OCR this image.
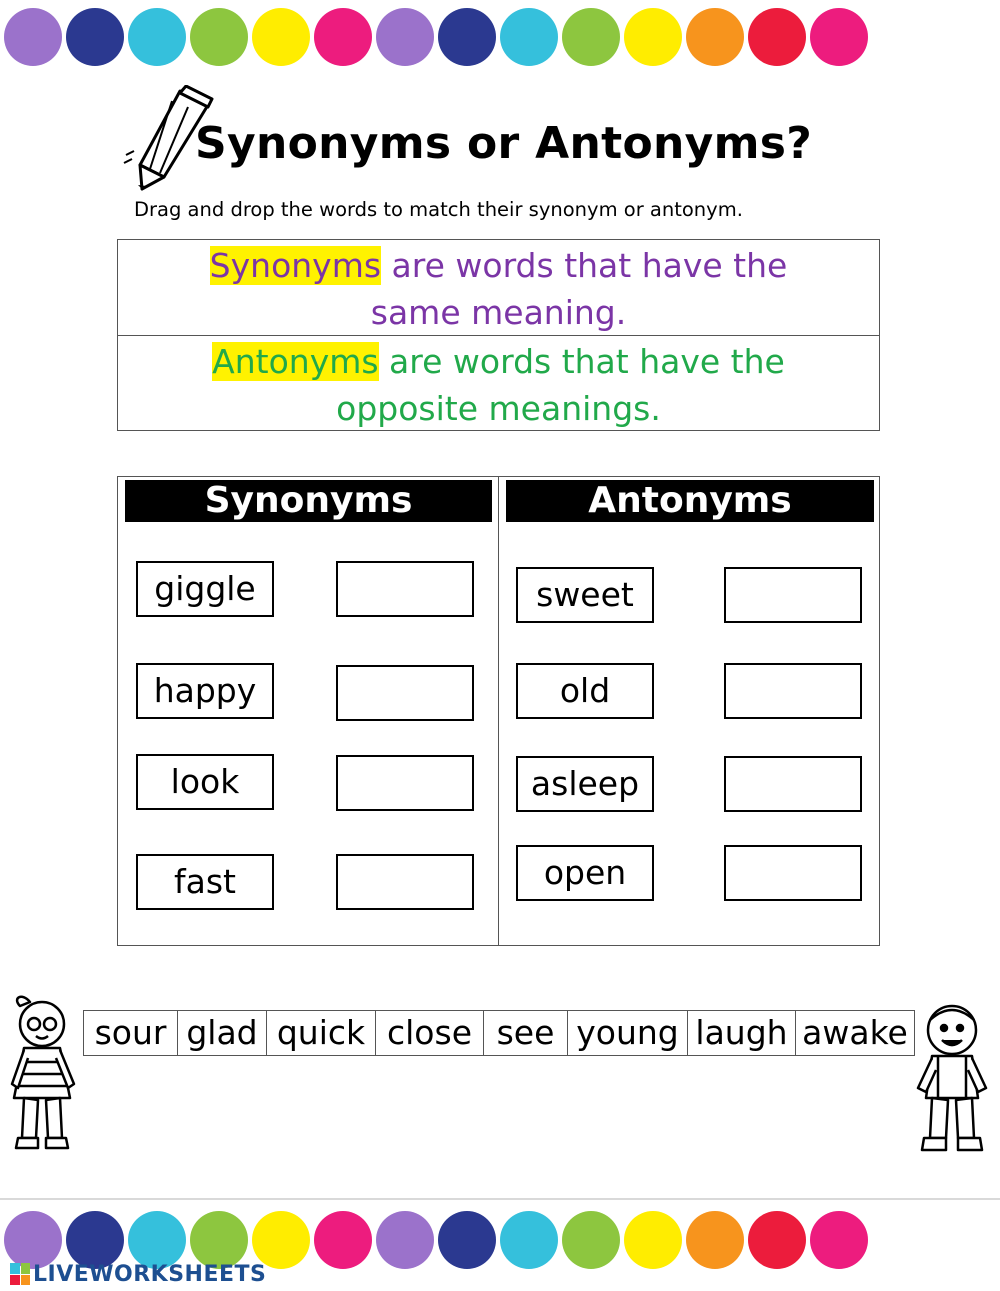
Synonyms or Antonyms?
Drag and drop the words to match their synonym or antonym.
Synonyms are words that have the
same meaning.
Antonyms are words that have the
opposite meanings.
Synonyms	Antonyms
giggle
happy
look
fast
sweet
old
asleep
open
sour glad quick close see young laugh awake
LIVEWORKSHEETS
